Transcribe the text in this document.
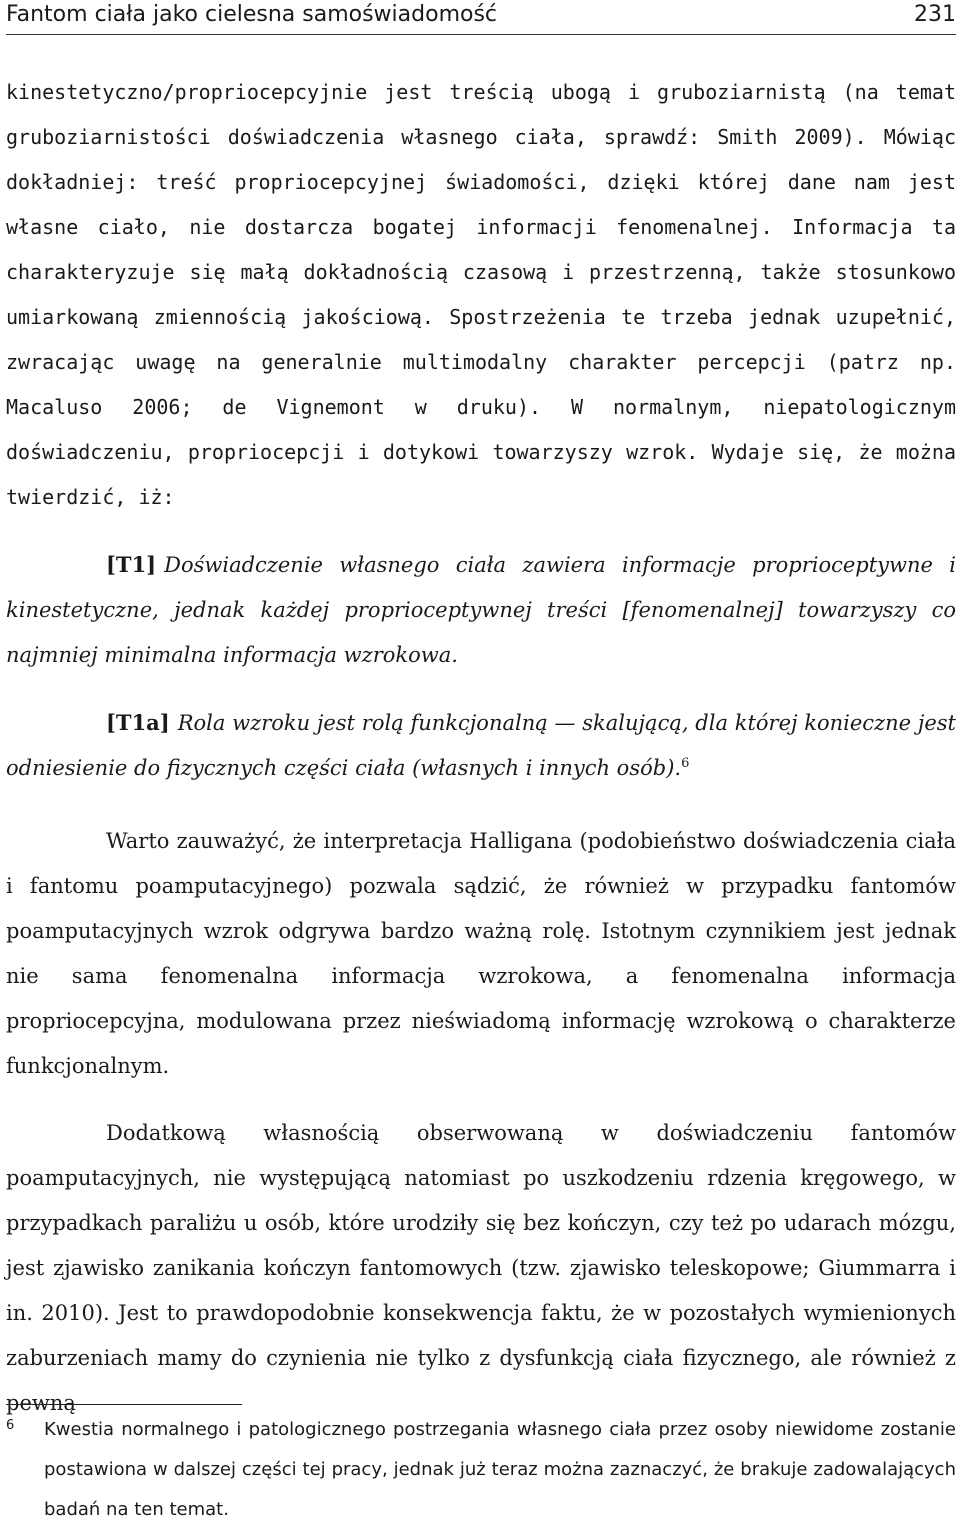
Fantom ciała jako cielesna samoświadomość	231

kinestetyczno/propriocepcyjnie jest treścią ubogą i gruboziarnistą (na temat gruboziarnistości doświadczenia własnego ciała, sprawdź: Smith 2009). Mówiąc dokładniej: treść propriocepcyjnej świadomości, dzięki której dane nam jest własne ciało, nie dostarcza bogatej informacji fenomenalnej. Informacja ta charakteryzuje się małą dokładnością czasową i przestrzenną, także stosunkowo umiarkowaną zmiennością jakościową. Spostrzeżenia te trzeba jednak uzupełnić, zwracając uwagę na generalnie multimodalny charakter percepcji (patrz np. Macaluso 2006; de Vignemont w druku). W normalnym, niepatologicznym doświadczeniu, propriocepcji i dotykowi towarzyszy wzrok. Wydaje się, że można twierdzić, iż:

[T1] Doświadczenie własnego ciała zawiera informacje proprioceptywne i kinestetyczne, jednak każdej proprioceptywnej treści [fenomenalnej] towarzyszy co najmniej minimalna informacja wzrokowa.

[T1a] Rola wzroku jest rolą funkcjonalną — skalującą, dla której konieczne jest odniesienie do fizycznych części ciała (własnych i innych osób).$^6$

Warto zauważyć, że interpretacja Halligana (podobieństwo doświadczenia ciała i fantomu poamputacyjnego) pozwala sądzić, że również w przypadku fantomów poamputacyjnych wzrok odgrywa bardzo ważną rolę. Istotnym czynnikiem jest jednak nie sama fenomenalna informacja wzrokowa, a fenomenalna informacja propriocepcyjna, modulowana przez nieświadomą informację wzrokową o charakterze funkcjonalnym.

Dodatkową własnością obserwowaną w doświadczeniu fantomów poamputacyjnych, nie występującą natomiast po uszkodzeniu rdzenia kręgowego, w przypadkach paraliżu u osób, które urodziły się bez kończyn, czy też po udarach mózgu, jest zjawisko zanikania kończyn fantomowych (tzw. zjawisko teleskopowe; Giummarra i in. 2010). Jest to prawdopodobnie konsekwencja faktu, że w pozostałych wymienionych zaburzeniach mamy do czynienia nie tylko z dysfunkcją ciała fizycznego, ale również z pewną

6 Kwestia normalnego i patologicznego postrzegania własnego ciała przez osoby niewidome zostanie postawiona w dalszej części tej pracy, jednak już teraz można zaznaczyć, że brakuje zadowalających badań na ten temat.
